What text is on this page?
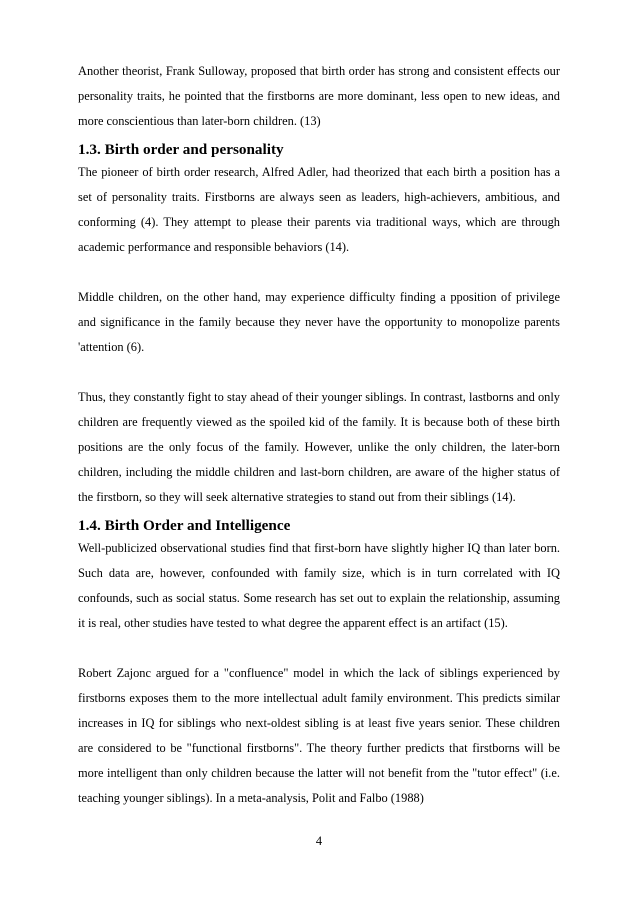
Another theorist, Frank Sulloway, proposed that birth order has strong and consistent effects our personality traits, he pointed that the firstborns are more dominant, less open to new ideas, and more conscientious than later-born children. (13)

1.3. Birth order and personality

The pioneer of birth order research, Alfred Adler, had theorized that each birth a position has a set of personality traits. Firstborns are always seen as leaders, high-achievers, ambitious, and conforming (4). They attempt to please their parents via traditional ways, which are through academic performance and responsible behaviors (14).

Middle children, on the other hand, may experience difficulty finding a pposition of privilege and significance in the family because they never have the opportunity to monopolize parents 'attention (6).

Thus, they constantly fight to stay ahead of their younger siblings. In contrast, lastborns and only children are frequently viewed as the spoiled kid of the family. It is because both of these birth positions are the only focus of the family. However, unlike the only children, the later-born children, including the middle children and last-born children, are aware of the higher status of the firstborn, so they will seek alternative strategies to stand out from their siblings (14).

1.4. Birth Order and Intelligence

Well-publicized observational studies find that first-born have slightly higher IQ than later born. Such data are, however, confounded with family size, which is in turn correlated with IQ confounds, such as social status. Some research has set out to explain the relationship, assuming it is real, other studies have tested to what degree the apparent effect is an artifact (15).

Robert Zajonc argued for a "confluence" model in which the lack of siblings experienced by firstborns exposes them to the more intellectual adult family environment. This predicts similar increases in IQ for siblings who next-oldest sibling is at least five years senior. These children are considered to be "functional firstborns". The theory further predicts that firstborns will be more intelligent than only children because the latter will not benefit from the "tutor effect" (i.e. teaching younger siblings). In a meta-analysis, Polit and Falbo (1988)

4
